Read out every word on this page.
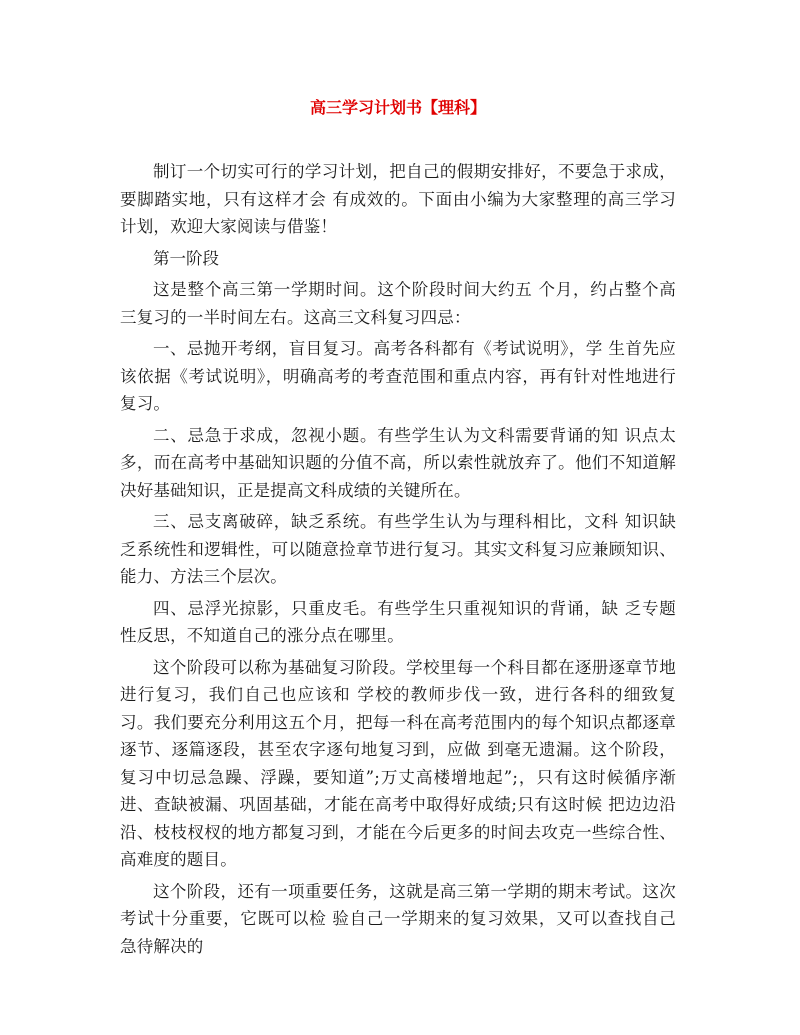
高三学习计划书【理科】

制订一个切实可行的学习计划，把自己的假期安排好，不要急于求成，要脚踏实地，只有这样才会 有成效的。下面由小编为大家整理的高三学习计划，欢迎大家阅读与借鉴！

第一阶段

这是整个高三第一学期时间。这个阶段时间大约五 个月，约占整个高三复习的一半时间左右。这高三文科复习四忌：

一、忌抛开考纲，盲目复习。高考各科都有《考试说明》，学 生首先应该依据《考试说明》，明确高考的考查范围和重点内容，再有针对性地进行复习。

二、忌急于求成，忽视小题。有些学生认为文科需要背诵的知 识点太多，而在高考中基础知识题的分值不高，所以索性就放弃了。他们不知道解决好基础知识，正是提高文科成绩的关键所在。

三、忌支离破碎，缺乏系统。有些学生认为与理科相比，文科 知识缺乏系统性和逻辑性，可以随意捡章节进行复习。其实文科复习应兼顾知识、能力、方法三个层次。

四、忌浮光掠影，只重皮毛。有些学生只重视知识的背诵，缺 乏专题性反思，不知道自己的涨分点在哪里。

这个阶段可以称为基础复习阶段。学校里每一个科目都在逐册逐章节地进行复习，我们自己也应该和 学校的教师步伐一致，进行各科的细致复习。我们要充分利用这五个月，把每一科在高考范围内的每个知识点都逐章逐节、逐篇逐段，甚至农字逐句地复习到，应做 到毫无遗漏。这个阶段，复习中切忌急躁、浮躁，要知道”;万丈高楼增地起”;，只有这时候循序渐进、查缺被漏、巩固基础，才能在高考中取得好成绩;只有这时候 把边边沿沿、枝枝杈杈的地方都复习到，才能在今后更多的时间去攻克一些综合性、高难度的题目。

这个阶段，还有一项重要任务，这就是高三第一学期的期末考试。这次考试十分重要，它既可以检 验自己一学期来的复习效果，又可以查找自己急待解决的
